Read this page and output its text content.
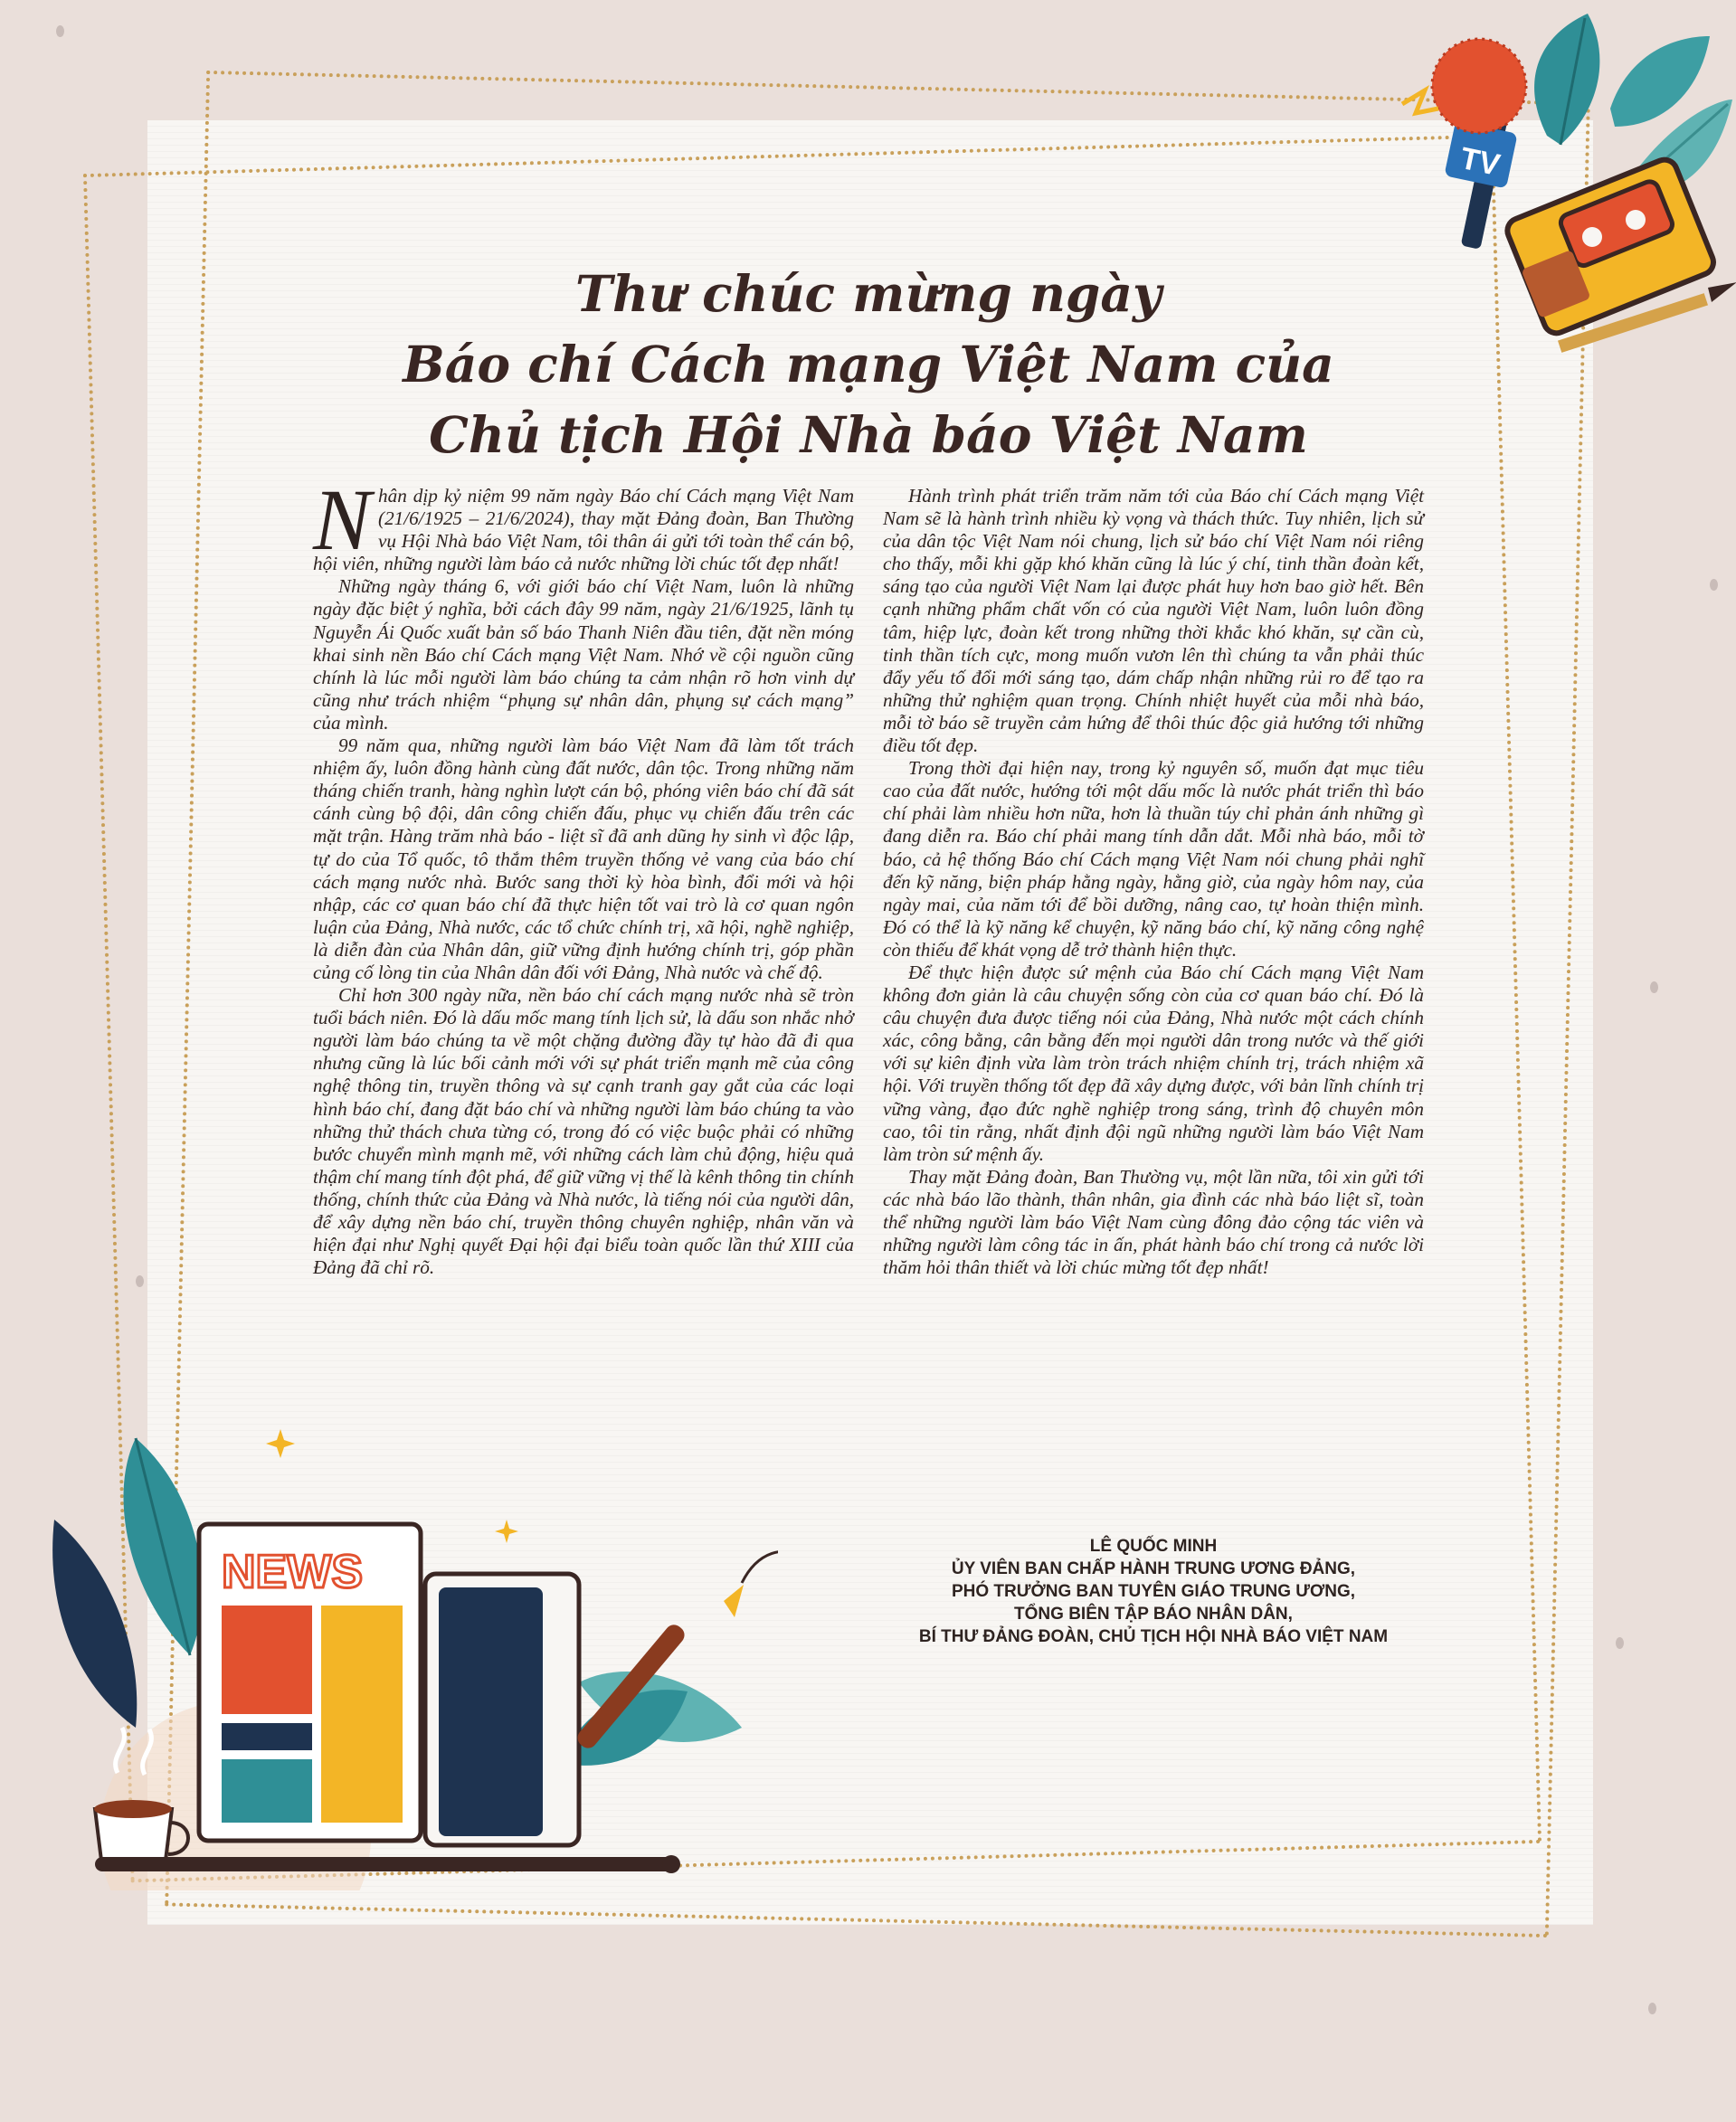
Thư chúc mừng ngày
Báo chí Cách mạng Việt Nam của
Chủ tịch Hội Nhà báo Việt Nam

Nhân dịp kỷ niệm 99 năm ngày Báo chí Cách mạng Việt Nam (21/6/1925 – 21/6/2024), thay mặt Đảng đoàn, Ban Thường vụ Hội Nhà báo Việt Nam, tôi thân ái gửi tới toàn thể cán bộ, hội viên, những người làm báo cả nước những lời chúc tốt đẹp nhất!

Những ngày tháng 6, với giới báo chí Việt Nam, luôn là những ngày đặc biệt ý nghĩa, bởi cách đây 99 năm, ngày 21/6/1925, lãnh tụ Nguyễn Ái Quốc xuất bản số báo Thanh Niên đầu tiên, đặt nền móng khai sinh nền Báo chí Cách mạng Việt Nam. Nhớ về cội nguồn cũng chính là lúc mỗi người làm báo chúng ta cảm nhận rõ hơn vinh dự cũng như trách nhiệm “phụng sự nhân dân, phụng sự cách mạng” của mình.

99 năm qua, những người làm báo Việt Nam đã làm tốt trách nhiệm ấy, luôn đồng hành cùng đất nước, dân tộc. Trong những năm tháng chiến tranh, hàng nghìn lượt cán bộ, phóng viên báo chí đã sát cánh cùng bộ đội, dân công chiến đấu, phục vụ chiến đấu trên các mặt trận. Hàng trăm nhà báo - liệt sĩ đã anh dũng hy sinh vì độc lập, tự do của Tổ quốc, tô thắm thêm truyền thống vẻ vang của báo chí cách mạng nước nhà. Bước sang thời kỳ hòa bình, đổi mới và hội nhập, các cơ quan báo chí đã thực hiện tốt vai trò là cơ quan ngôn luận của Đảng, Nhà nước, các tổ chức chính trị, xã hội, nghề nghiệp, là diễn đàn của Nhân dân, giữ vững định hướng chính trị, góp phần củng cố lòng tin của Nhân dân đối với Đảng, Nhà nước và chế độ.

Chỉ hơn 300 ngày nữa, nền báo chí cách mạng nước nhà sẽ tròn tuổi bách niên. Đó là dấu mốc mang tính lịch sử, là dấu son nhắc nhở người làm báo chúng ta về một chặng đường đầy tự hào đã đi qua nhưng cũng là lúc bối cảnh mới với sự phát triển mạnh mẽ của công nghệ thông tin, truyền thông và sự cạnh tranh gay gắt của các loại hình báo chí, đang đặt báo chí và những người làm báo chúng ta vào những thử thách chưa từng có, trong đó có việc buộc phải có những bước chuyển mình mạnh mẽ, với những cách làm chủ động, hiệu quả thậm chí mang tính đột phá, để giữ vững vị thế là kênh thông tin chính thống, chính thức của Đảng và Nhà nước, là tiếng nói của người dân, để xây dựng nền báo chí, truyền thông chuyên nghiệp, nhân văn và hiện đại như Nghị quyết Đại hội đại biểu toàn quốc lần thứ XIII của Đảng đã chỉ rõ.

Hành trình phát triển trăm năm tới của Báo chí Cách mạng Việt Nam sẽ là hành trình nhiều kỳ vọng và thách thức. Tuy nhiên, lịch sử của dân tộc Việt Nam nói chung, lịch sử báo chí Việt Nam nói riêng cho thấy, mỗi khi gặp khó khăn cũng là lúc ý chí, tinh thần đoàn kết, sáng tạo của người Việt Nam lại được phát huy hơn bao giờ hết. Bên cạnh những phẩm chất vốn có của người Việt Nam, luôn luôn đồng tâm, hiệp lực, đoàn kết trong những thời khắc khó khăn, sự cần cù, tinh thần tích cực, mong muốn vươn lên thì chúng ta vẫn phải thúc đẩy yếu tố đổi mới sáng tạo, dám chấp nhận những rủi ro để tạo ra những thử nghiệm quan trọng. Chính nhiệt huyết của mỗi nhà báo, mỗi tờ báo sẽ truyền cảm hứng để thôi thúc độc giả hướng tới những điều tốt đẹp.

Trong thời đại hiện nay, trong kỷ nguyên số, muốn đạt mục tiêu cao của đất nước, hướng tới một dấu mốc là nước phát triển thì báo chí phải làm nhiều hơn nữa, hơn là thuần túy chỉ phản ánh những gì đang diễn ra. Báo chí phải mang tính dẫn dắt. Mỗi nhà báo, mỗi tờ báo, cả hệ thống Báo chí Cách mạng Việt Nam nói chung phải nghĩ đến kỹ năng, biện pháp hằng ngày, hằng giờ, của ngày hôm nay, của ngày mai, của năm tới để bồi dưỡng, nâng cao, tự hoàn thiện mình. Đó có thể là kỹ năng kể chuyện, kỹ năng báo chí, kỹ năng công nghệ còn thiếu để khát vọng dễ trở thành hiện thực.

Để thực hiện được sứ mệnh của Báo chí Cách mạng Việt Nam không đơn giản là câu chuyện sống còn của cơ quan báo chí. Đó là câu chuyện đưa được tiếng nói của Đảng, Nhà nước một cách chính xác, công bằng, cân bằng đến mọi người dân trong nước và thế giới với sự kiên định vừa làm tròn trách nhiệm chính trị, trách nhiệm xã hội. Với truyền thống tốt đẹp đã xây dựng được, với bản lĩnh chính trị vững vàng, đạo đức nghề nghiệp trong sáng, trình độ chuyên môn cao, tôi tin rằng, nhất định đội ngũ những người làm báo Việt Nam làm tròn sứ mệnh ấy.

Thay mặt Đảng đoàn, Ban Thường vụ, một lần nữa, tôi xin gửi tới các nhà báo lão thành, thân nhân, gia đình các nhà báo liệt sĩ, toàn thể những người làm báo Việt Nam cùng đông đảo cộng tác viên và những người làm công tác in ấn, phát hành báo chí trong cả nước lời thăm hỏi thân thiết và lời chúc mừng tốt đẹp nhất!

LÊ QUỐC MINH
ỦY VIÊN BAN CHẤP HÀNH TRUNG ƯƠNG ĐẢNG,
PHÓ TRƯỞNG BAN TUYÊN GIÁO TRUNG ƯƠNG,
TỔNG BIÊN TẬP BÁO NHÂN DÂN,
BÍ THƯ ĐẢNG ĐOÀN, CHỦ TỊCH HỘI NHÀ BÁO VIỆT NAM
TV
NEWS
